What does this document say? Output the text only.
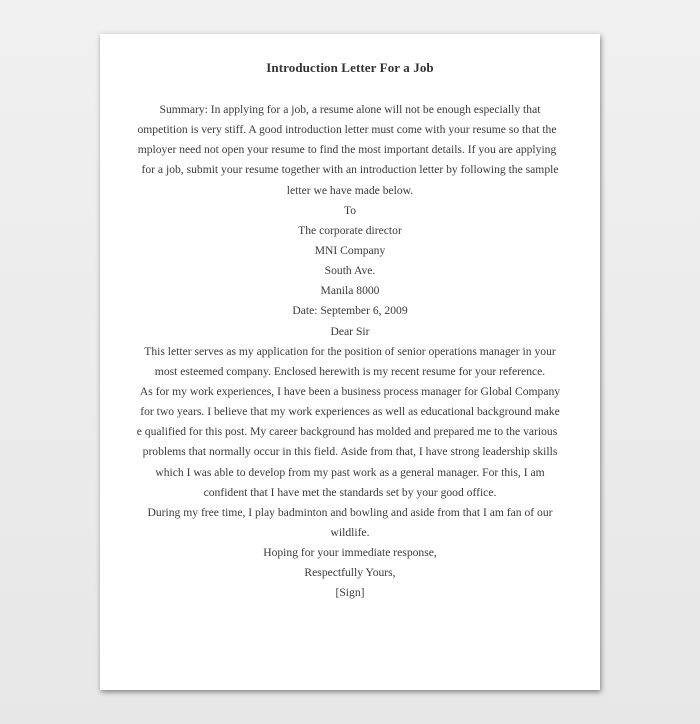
Introduction Letter For a Job
Summary: In applying for a job, a resume alone will not be enough especially that
ompetition is very stiff. A good introduction letter must come with your resume so that the
mployer need not open your resume to find the most important details. If you are applying
for a job, submit your resume together with an introduction letter by following the sample
letter we have made below.
To
The corporate director
MNI Company
South Ave.
Manila 8000
Date: September 6, 2009
Dear Sir
This letter serves as my application for the position of senior operations manager in your
most esteemed company. Enclosed herewith is my recent resume for your reference.
As for my work experiences, I have been a business process manager for Global Company
for two years. I believe that my work experiences as well as educational background make
e qualified for this post. My career background has molded and prepared me to the various
problems that normally occur in this field. Aside from that, I have strong leadership skills
which I was able to develop from my past work as a general manager. For this, I am
confident that I have met the standards set by your good office.
During my free time, I play badminton and bowling and aside from that I am fan of our
wildlife.
Hoping for your immediate response,
Respectfully Yours,
[Sign]
